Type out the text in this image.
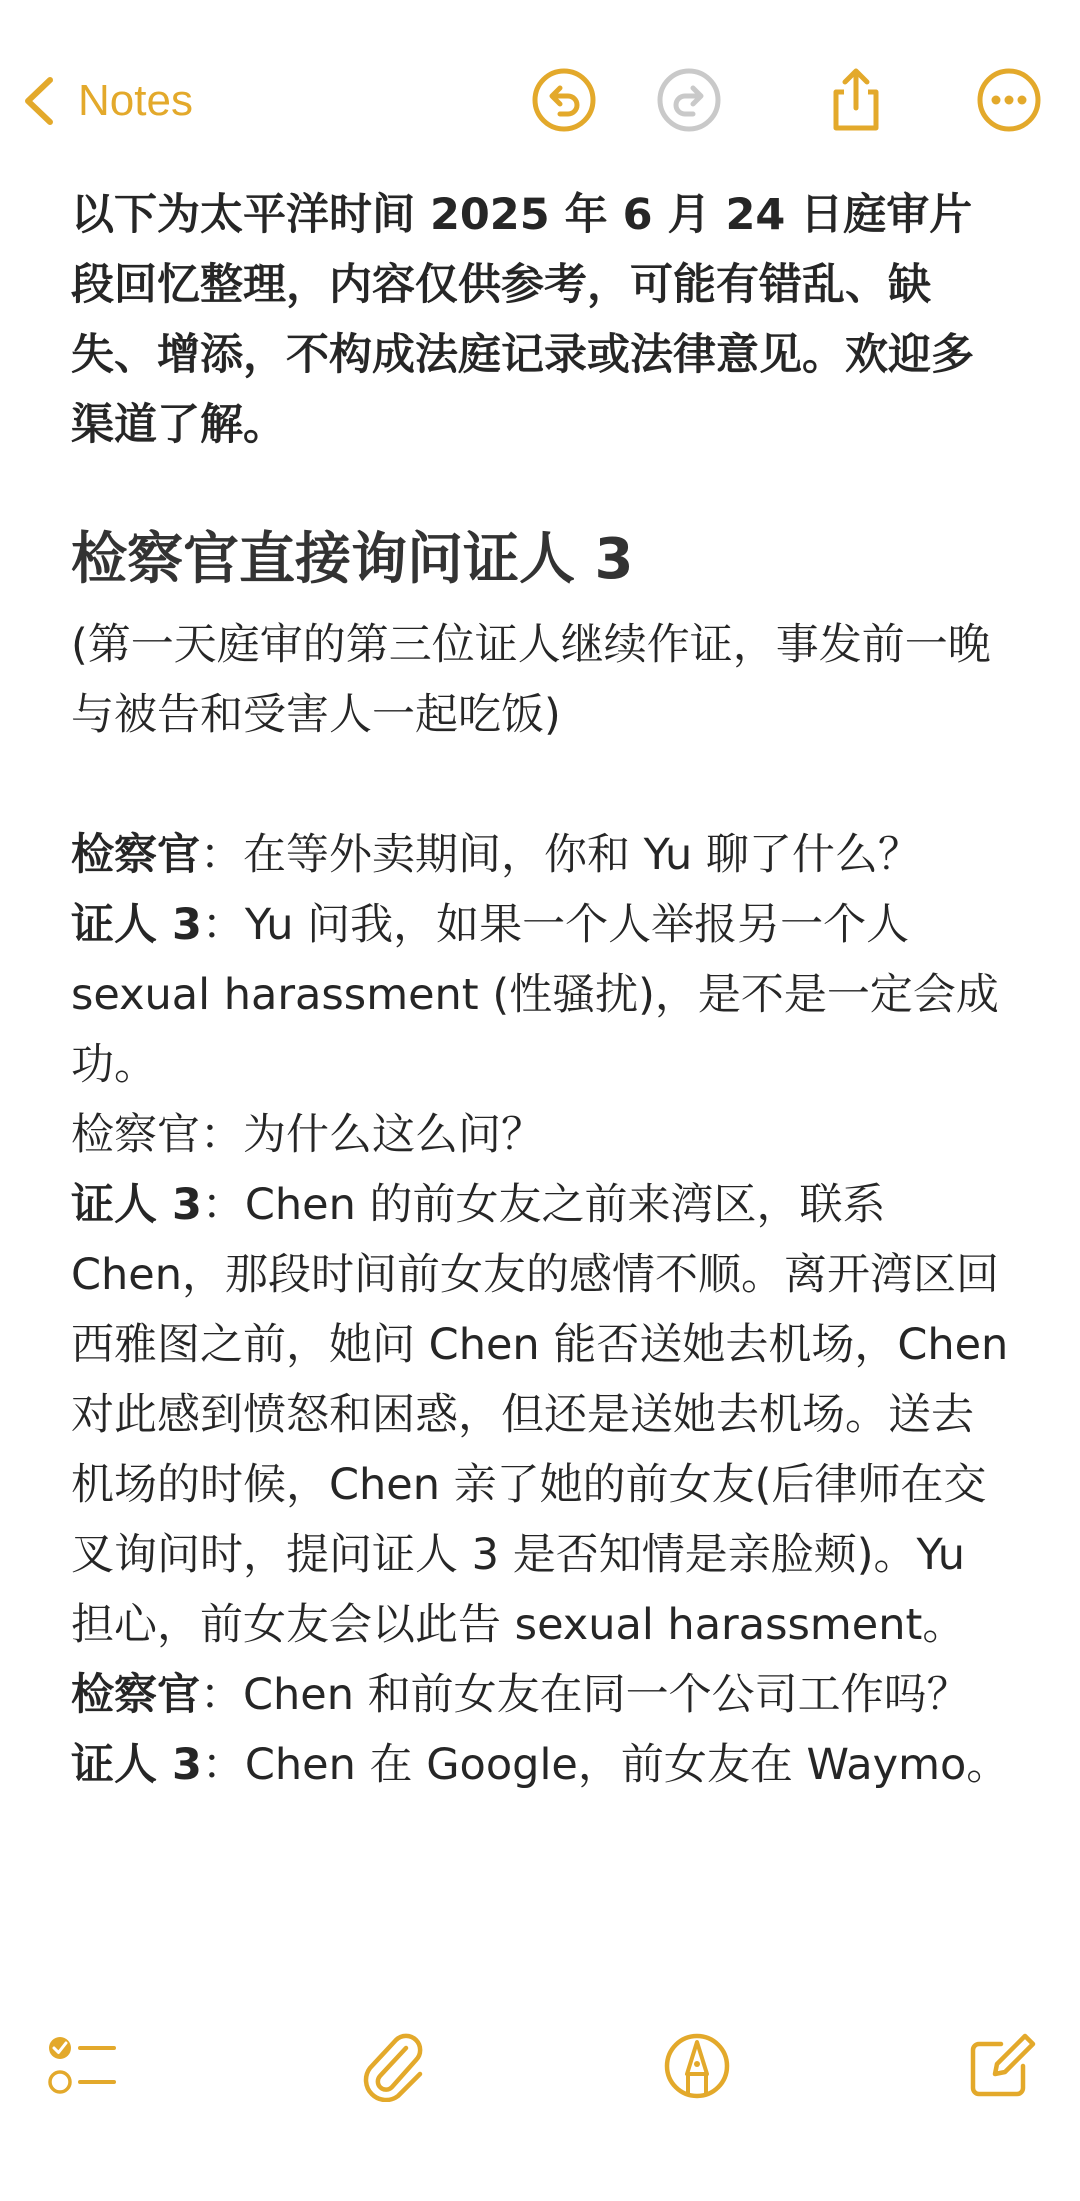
Notes

以下为太平洋时间 2025 年 6 月 24 日庭审片段回忆整理，内容仅供参考，可能有错乱、缺失、增添，不构成法庭记录或法律意见。欢迎多渠道了解。

检察官直接询问证人 3

(第一天庭审的第三位证人继续作证，事发前一晚与被告和受害人一起吃饭)

检察官：在等外卖期间，你和 Yu 聊了什么？

证人 3：Yu 问我，如果一个人举报另一个人 sexual harassment (性骚扰)，是不是一定会成功。

检察官：为什么这么问？

证人 3：Chen 的前女友之前来湾区，联系 Chen，那段时间前女友的感情不顺。离开湾区回西雅图之前，她问 Chen 能否送她去机场，Chen 对此感到愤怒和困惑，但还是送她去机场。送去机场的时候，Chen 亲了她的前女友(后律师在交叉询问时，提问证人 3 是否知情是亲脸颊)。Yu 担心，前女友会以此告 sexual harassment。

检察官：Chen 和前女友在同一个公司工作吗？

证人 3：Chen 在 Google，前女友在 Waymo。
